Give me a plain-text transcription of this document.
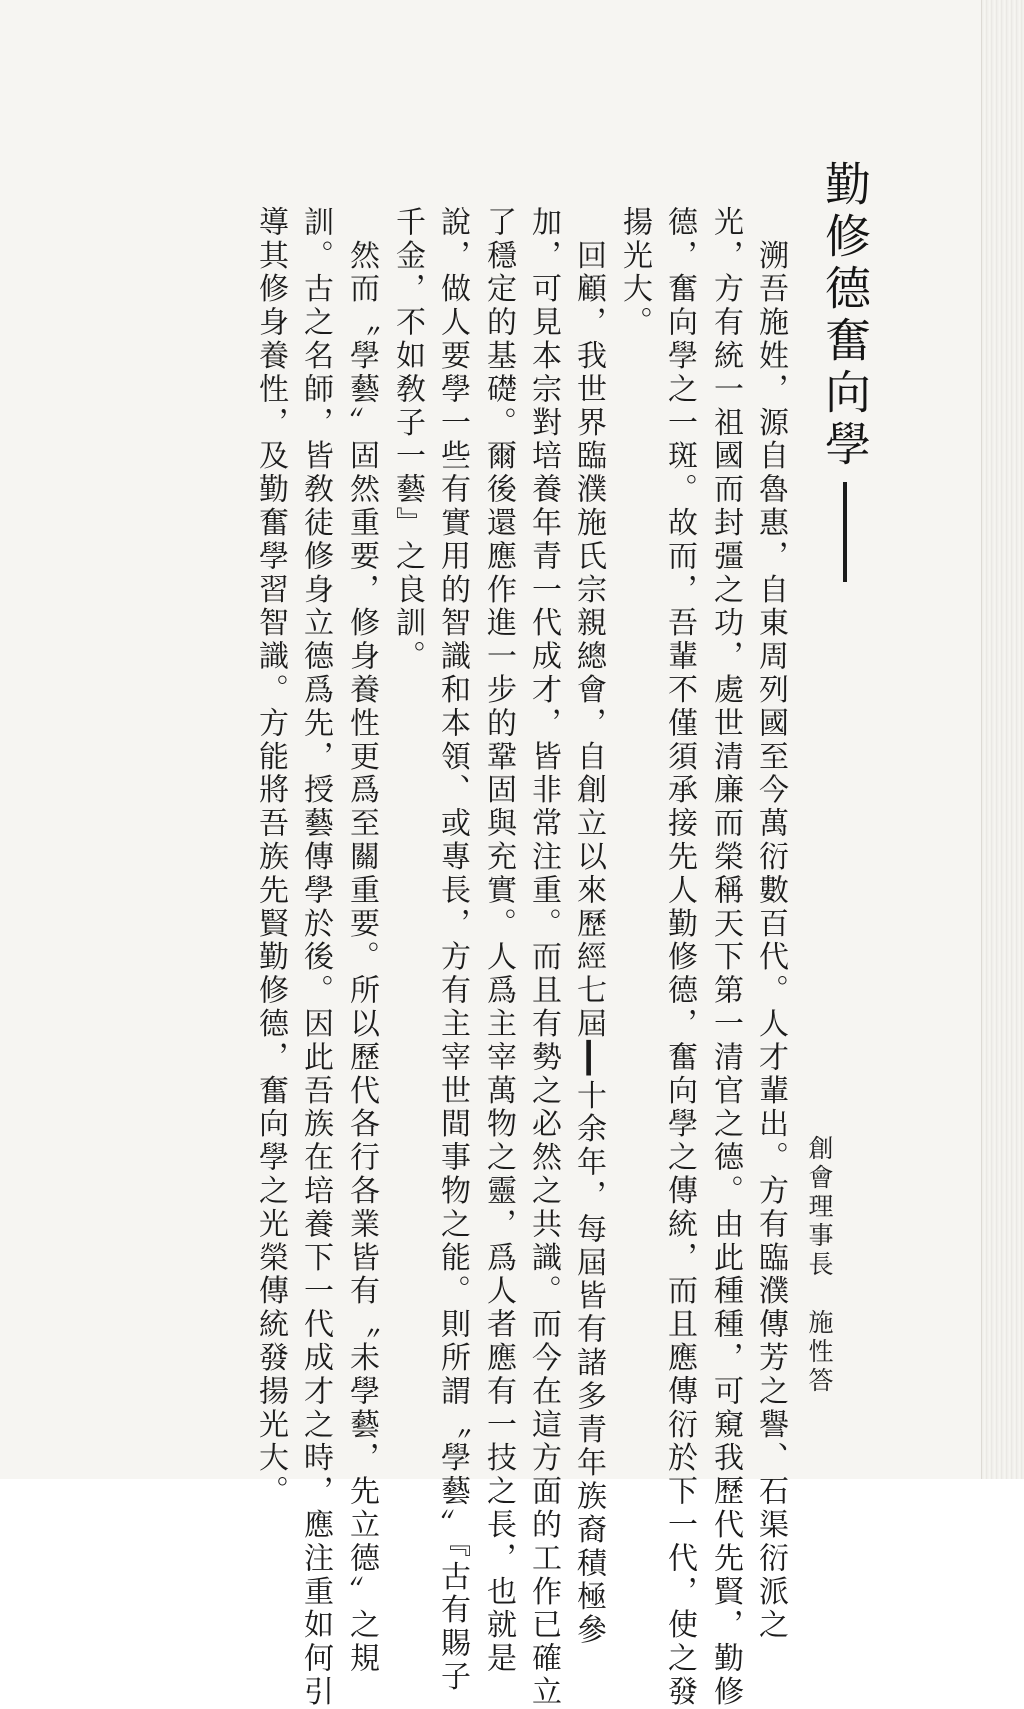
勤修德奮向學
創會理事長　施性答
　溯吾施姓，源自魯惠，自東周列國至今萬衍數百代。人才輩出。方有臨濮傳芳之譽、石渠衍派之
光，方有統一祖國而封彊之功，處世清廉而榮稱天下第一清官之德。由此種種，可窺我歷代先賢，勤修
德，奮向學之一斑。故而，吾輩不僅須承接先人勤修德，奮向學之傳統，而且應傳衍於下一代，使之發
揚光大。
　回顧，我世界臨濮施氏宗親總會，自創立以來歷經七屆┃十余年，每屆皆有諸多青年族裔積極參
加，可見本宗對培養年青一代成才，皆非常注重。而且有勢之必然之共識。而今在這方面的工作已確立
了穩定的基礎。爾後還應作進一步的鞏固與充實。人爲主宰萬物之靈，爲人者應有一技之長，也就是
說，做人要學一些有實用的智識和本領、或專長，方有主宰世間事物之能。則所謂〝學藝〞『古有賜子
千金，不如敎子一藝』之良訓。
　然而〝學藝〞固然重要，修身養性更爲至關重要。所以歷代各行各業皆有〝未學藝，先立德〞之規
訓。古之名師，皆敎徒修身立德爲先，授藝傳學於後。因此吾族在培養下一代成才之時，應注重如何引
導其修身養性，及勤奮學習智識。方能將吾族先賢勤修德，奮向學之光榮傳統發揚光大。
